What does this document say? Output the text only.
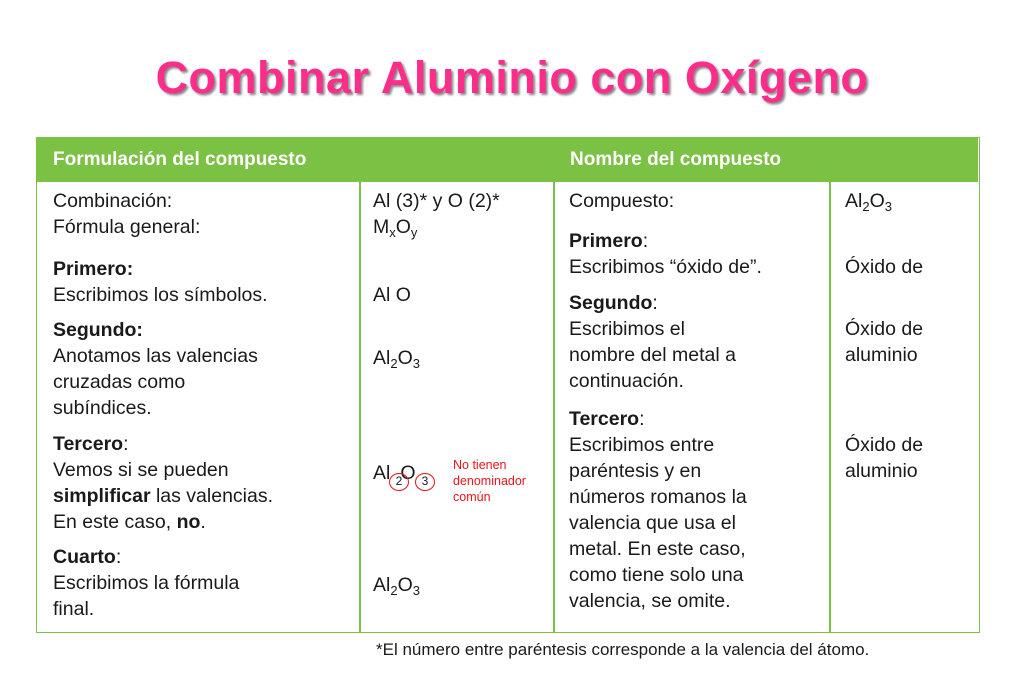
Combinar Aluminio con Oxígeno
Formulación del compuesto	Nombre del compuesto
Combinación:
Fórmula general:
Primero:
Escribimos los símbolos.
Segundo:
Anotamos las valencias
cruzadas como
subíndices.
Tercero:
Vemos si se pueden
simplificar las valencias.
En este caso, no.
Cuarto:
Escribimos la fórmula
final.
Al (3)* y O (2)*
$M_xO_y$
Al O
$Al_2O_3$
Al O
$Al_2O_3$
Compuesto:
Primero:
Escribimos “óxido de”.
Segundo:
Escribimos el
nombre del metal a
continuación.
Tercero:
Escribimos entre
paréntesis y en
números romanos la
valencia que usa el
metal. En este caso,
como tiene solo una
valencia, se omite.
$Al_2O_3$
Óxido de
Óxido de
aluminio
Óxido de
aluminio
2	3
No tienen
denominador
común
*El número entre paréntesis corresponde a la valencia del átomo.
